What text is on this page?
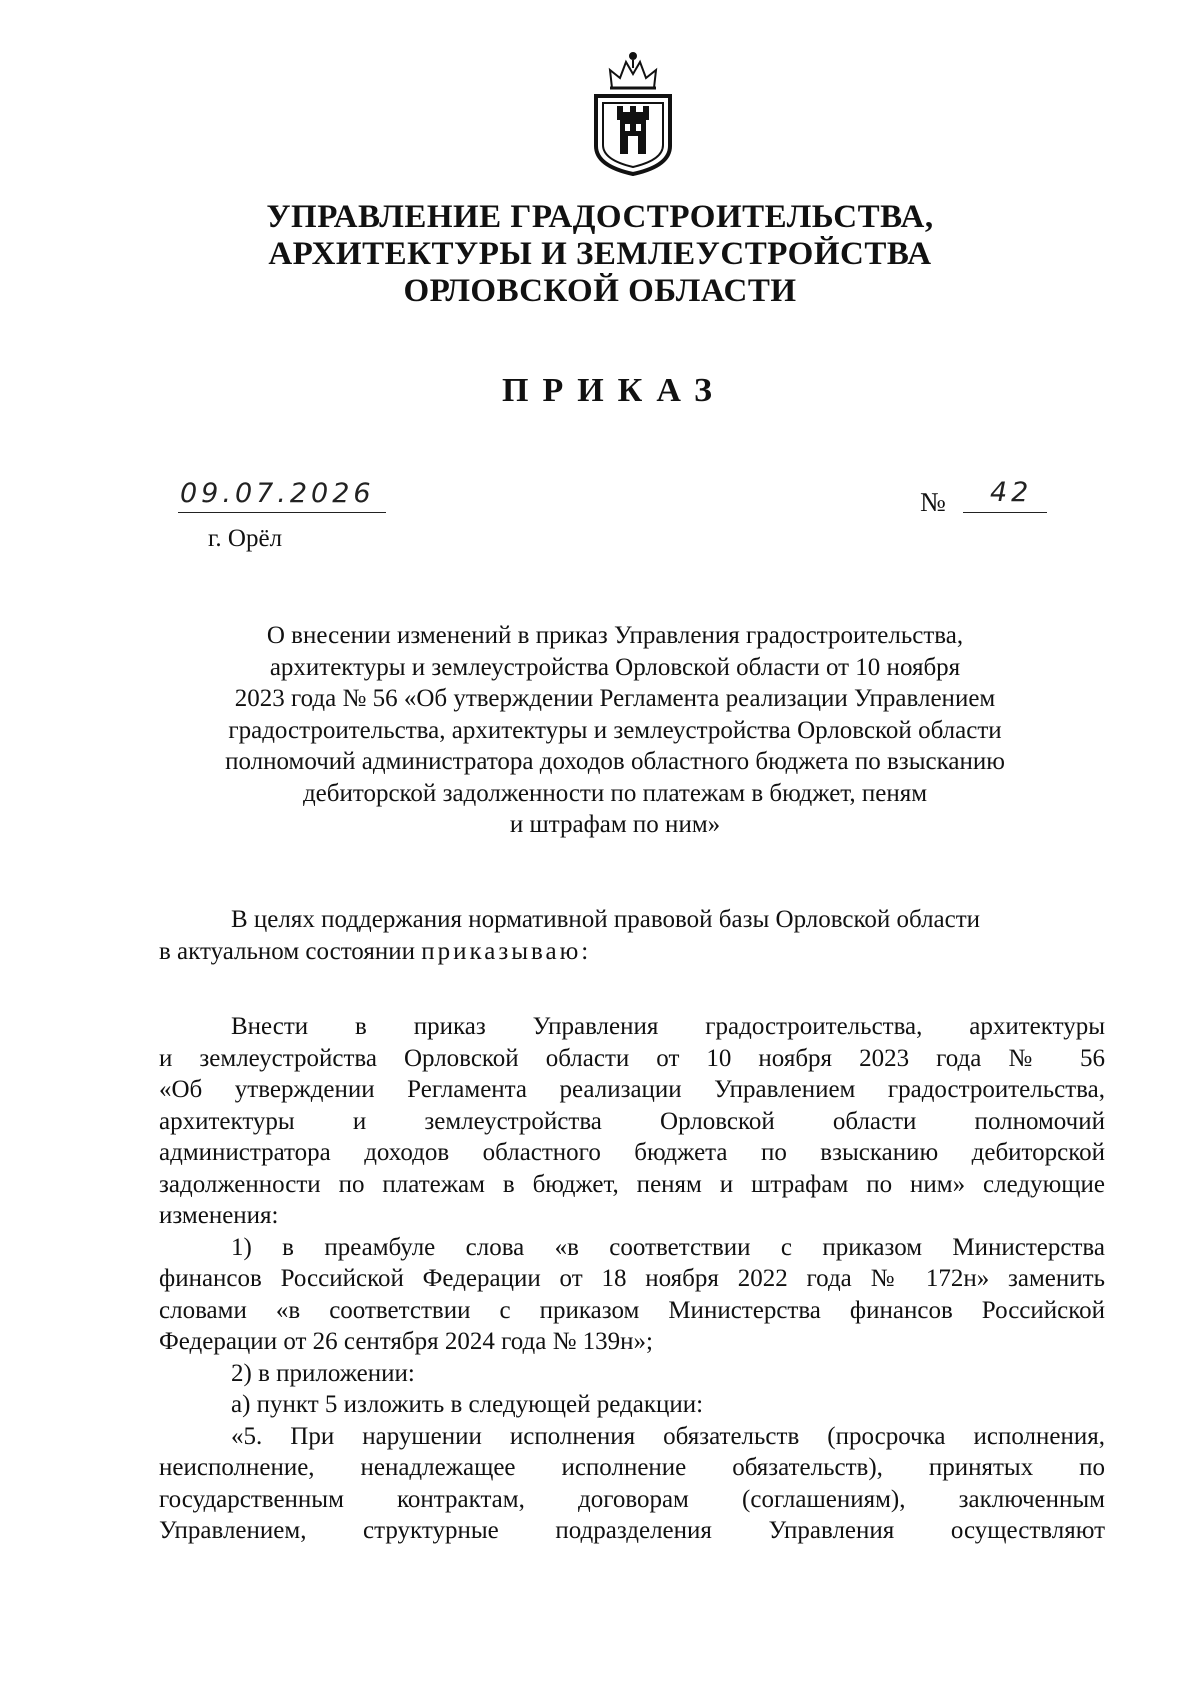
УПРАВЛЕНИЕ ГРАДОСТРОИТЕЛЬСТВА,
АРХИТЕКТУРЫ И ЗЕМЛЕУСТРОЙСТВА
ОРЛОВСКОЙ ОБЛАСТИ
ПРИКАЗ
09.07.2026	№ 42
г. Орёл
О внесении изменений в приказ Управления градостроительства,
архитектуры и землеустройства Орловской области от 10 ноября
2023 года № 56 «Об утверждении Регламента реализации Управлением
градостроительства, архитектуры и землеустройства Орловской области
полномочий администратора доходов областного бюджета по взысканию
дебиторской задолженности по платежам в бюджет, пеням
и штрафам по ним»

В целях поддержания нормативной правовой базы Орловской области

в актуальном состоянии приказываю:

Внести в приказ Управления градостроительства, архитектуры

и землеустройства Орловской области от 10 ноября 2023 года № 56

«Об утверждении Регламента реализации Управлением градостроительства,

архитектуры и землеустройства Орловской области полномочий

администратора доходов областного бюджета по взысканию дебиторской

задолженности по платежам в бюджет, пеням и штрафам по ним» следующие

изменения:

1) в преамбуле слова «в соответствии с приказом Министерства

финансов Российской Федерации от 18 ноября 2022 года № 172н» заменить

словами «в соответствии с приказом Министерства финансов Российской

Федерации от 26 сентября 2024 года № 139н»;

2) в приложении:

а) пункт 5 изложить в следующей редакции:

«5. При нарушении исполнения обязательств (просрочка исполнения,

неисполнение, ненадлежащее исполнение обязательств), принятых по

государственным контрактам, договорам (соглашениям), заключенным

Управлением, структурные подразделения Управления осуществляют
